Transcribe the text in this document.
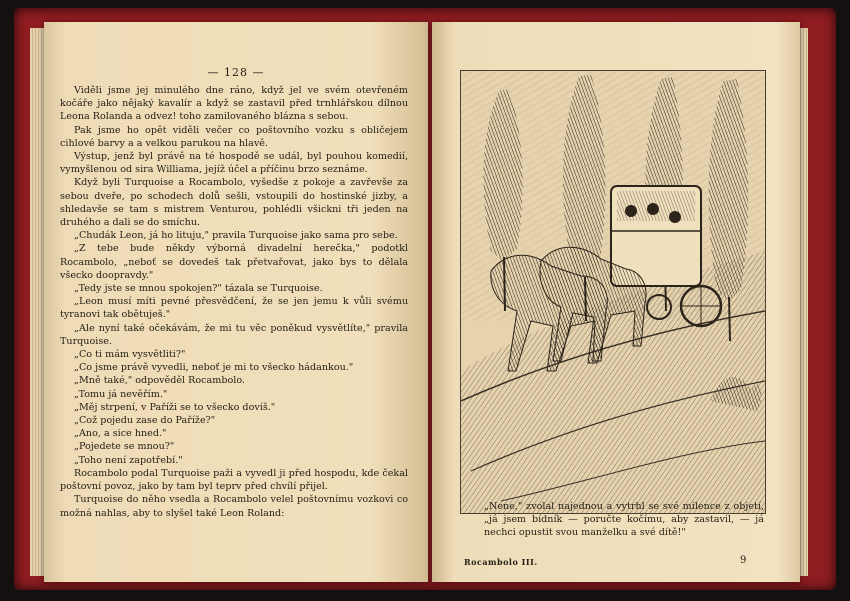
— 128 —

Viděli jsme jej minulého dne ráno, když jel ve svém otevřeném kočáře jako nějaký kavalír a když se zastavil před trnhlářskou dílnou Leona Rolanda a odvez! toho zamilovaného blázna s sebou.

Pak jsme ho opět viděli večer co poštovního vozku s obličejem cihlové barvy a a velkou parukou na hlavě.

Výstup, jenž byl právě na té hospodě se udál, byl pouhou komedií, vymyšlenou od sira Williama, jejíž účel a příčinu brzo seznáme.

Když byli Turquoise a Rocambolo, vyšedše z pokoje a zavřevše za sebou dveře, po schodech dolů sešli, vstoupili do hostinské jizby, a shledavše se tam s mistrem Venturou, pohlédli všickni tři jeden na druhého a dali se do smíchu.

„Chudák Leon, já ho lituju," pravila Turquoise jako sama pro sebe.

„Z tebe bude někdy výborná divadelní herečka," podotkl Rocambolo, „neboť se dovedeš tak přetvařovat, jako bys to dělala všecko doopravdy."

„Tedy jste se mnou spokojen?" tázala se Turquoise.

„Leon musí míti pevné přesvědčení, že se jen jemu k vůli svému tyranovi tak obětuješ."

„Ale nyní také očekávám, že mi tu věc poněkud vysvětlíte," pravila Turquoise.

„Co ti mám vysvětliti?"

„Co jsme právě vyvedli, neboť je mi to všecko hádankou."

„Mně také," odpověděl Rocambolo.

„Tomu já nevěřím."

„Měj strpení, v Paříži se to všecko dovíš."

„Což pojedu zase do Paříže?"

„Ano, a sice hned."

„Pojedete se mnou?"

„Toho není zapotřebí."

Rocambolo podal Turquoise paži a vyvedl ji před hospodu, kde čekal poštovní povoz, jako by tam byl teprv před chvílí přijel.

Turquoise do něho vsedla a Rocambolo velel poštovnímu vozkovi co možná nahlas, aby to slyšel také Leon Roland:

„Nene," zvolal najednou a vytrhl se své milence z objetí, „já jsem bídník — poručte kočímu, aby zastavil, — já nechci opustit svou manželku a své dítě!"
Rocambolo III.	9
